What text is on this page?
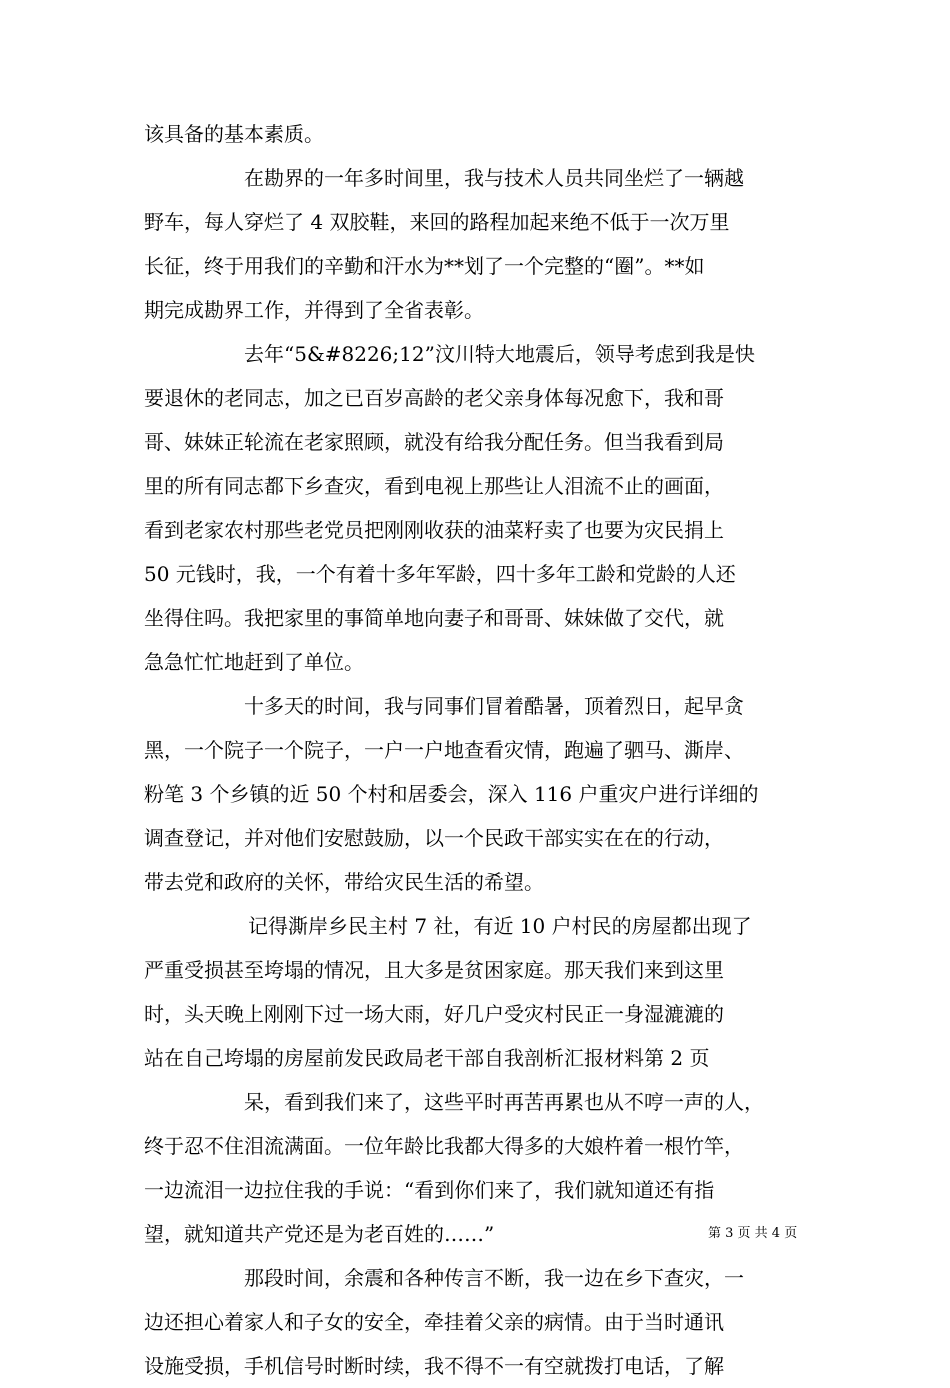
该具备的基本素质。
在勘界的一年多时间里，我与技术人员共同坐烂了一辆越
野车，每人穿烂了 4 双胶鞋，来回的路程加起来绝不低于一次万里
长征，终于用我们的辛勤和汗水为**划了一个完整的“圈”。**如
期完成勘界工作，并得到了全省表彰。
去年“5&#8226;12”汶川特大地震后，领导考虑到我是快
要退休的老同志，加之已百岁高龄的老父亲身体每况愈下，我和哥
哥、妹妹正轮流在老家照顾，就没有给我分配任务。但当我看到局
里的所有同志都下乡查灾，看到电视上那些让人泪流不止的画面，
看到老家农村那些老党员把刚刚收获的油菜籽卖了也要为灾民捐上
50 元钱时，我，一个有着十多年军龄，四十多年工龄和党龄的人还
坐得住吗。我把家里的事简单地向妻子和哥哥、妹妹做了交代，就
急急忙忙地赶到了单位。
十多天的时间，我与同事们冒着酷暑，顶着烈日，起早贪
黑，一个院子一个院子，一户一户地查看灾情，跑遍了驷马、澌岸、
粉笔 3 个乡镇的近 50 个村和居委会，深入 116 户重灾户进行详细的
调查登记，并对他们安慰鼓励，以一个民政干部实实在在的行动，
带去党和政府的关怀，带给灾民生活的希望。
记得澌岸乡民主村 7 社，有近 10 户村民的房屋都出现了
严重受损甚至垮塌的情况，且大多是贫困家庭。那天我们来到这里
时，头天晚上刚刚下过一场大雨，好几户受灾村民正一身湿漉漉的
站在自己垮塌的房屋前发民政局老干部自我剖析汇报材料第 2 页
呆，看到我们来了，这些平时再苦再累也从不哼一声的人，
终于忍不住泪流满面。一位年龄比我都大得多的大娘杵着一根竹竿，
一边流泪一边拉住我的手说：“看到你们来了，我们就知道还有指
望，就知道共产党还是为老百姓的……”
那段时间，余震和各种传言不断，我一边在乡下查灾，一
边还担心着家人和子女的安全，牵挂着父亲的病情。由于当时通讯
设施受损，手机信号时断时续，我不得不一有空就拨打电话，了解
第 3 页 共 4 页
